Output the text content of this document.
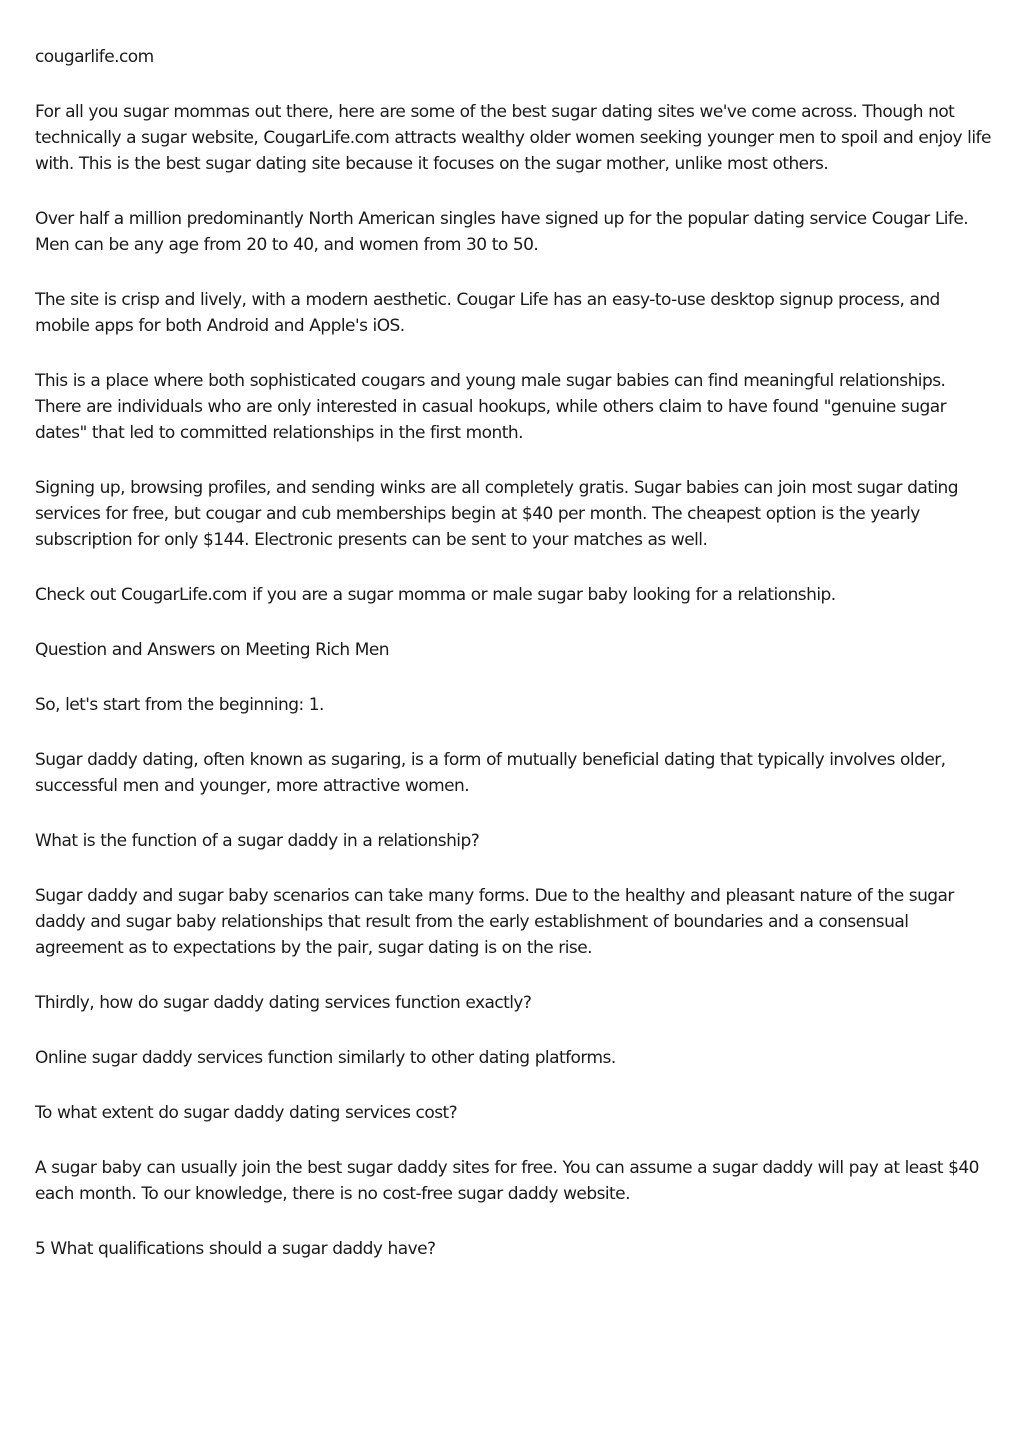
cougarlife.com

For all you sugar mommas out there, here are some of the best sugar dating sites we've come across. Though not technically a sugar website, CougarLife.com attracts wealthy older women seeking younger men to spoil and enjoy life with. This is the best sugar dating site because it focuses on the sugar mother, unlike most others.

Over half a million predominantly North American singles have signed up for the popular dating service Cougar Life. Men can be any age from 20 to 40, and women from 30 to 50.

The site is crisp and lively, with a modern aesthetic. Cougar Life has an easy-to-use desktop signup process, and mobile apps for both Android and Apple's iOS.

This is a place where both sophisticated cougars and young male sugar babies can find meaningful relationships. There are individuals who are only interested in casual hookups, while others claim to have found "genuine sugar dates" that led to committed relationships in the first month.

Signing up, browsing profiles, and sending winks are all completely gratis. Sugar babies can join most sugar dating services for free, but cougar and cub memberships begin at $40 per month. The cheapest option is the yearly subscription for only $144. Electronic presents can be sent to your matches as well.

Check out CougarLife.com if you are a sugar momma or male sugar baby looking for a relationship.

Question and Answers on Meeting Rich Men

So, let's start from the beginning: 1.

Sugar daddy dating, often known as sugaring, is a form of mutually beneficial dating that typically involves older, successful men and younger, more attractive women.

What is the function of a sugar daddy in a relationship?

Sugar daddy and sugar baby scenarios can take many forms. Due to the healthy and pleasant nature of the sugar daddy and sugar baby relationships that result from the early establishment of boundaries and a consensual agreement as to expectations by the pair, sugar dating is on the rise.

Thirdly, how do sugar daddy dating services function exactly?

Online sugar daddy services function similarly to other dating platforms.

To what extent do sugar daddy dating services cost?

A sugar baby can usually join the best sugar daddy sites for free. You can assume a sugar daddy will pay at least $40 each month. To our knowledge, there is no cost-free sugar daddy website.

5 What qualifications should a sugar daddy have?
